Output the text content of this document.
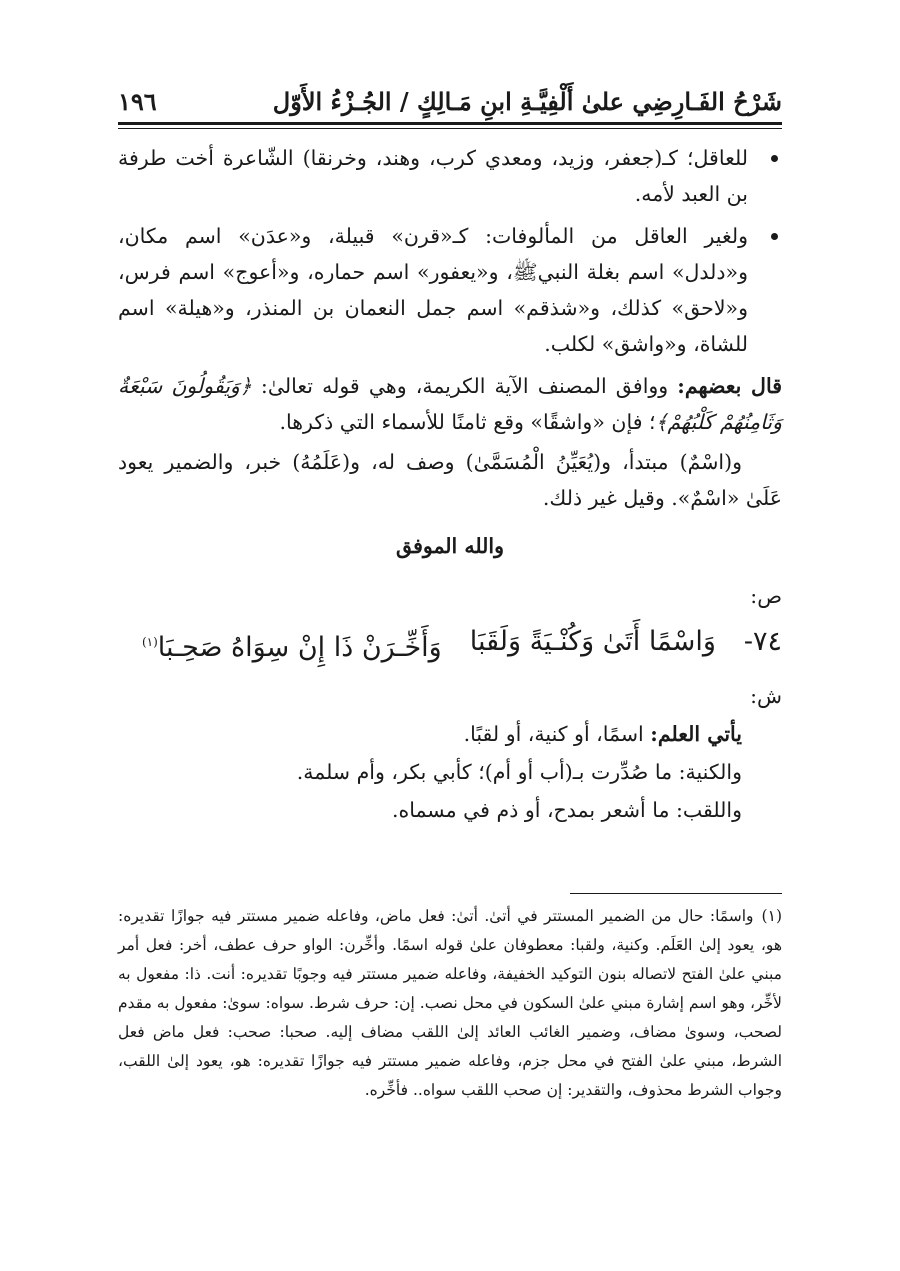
شَرْحُ الفَـارِضِي علىٰ أَلْفِيَّـةِ ابنِ مَـالِكٍ / الجُـزْءُ الأَوّل
١٩٦
للعاقل؛ كـ(جعفر، وزيد، ومعدي كرب، وهند، وخرنقا) الشّاعرة أخت طرفة بن العبد لأمه.
ولغير العاقل من المألوفات: كـ«قرن» قبيلة، و«عدَن» اسم مكان، و«دلدل» اسم بغلة النبيﷺ، و«يعفور» اسم حماره، و«أعوج» اسم فرس، و«لاحق» كذلك، و«شذقم» اسم جمل النعمان بن المنذر، و«هيلة» اسم للشاة، و«واشق» لكلب.

قال بعضهم: ووافق المصنف الآية الكريمة، وهي قوله تعالىٰ: ﴿وَيَقُولُونَ سَبْعَةٌ وَثَامِنُهُمْ كَلْبُهُمْ﴾؛ فإن «واشقًا» وقع ثامنًا للأسماء التي ذكرها.

و(اسْمٌ) مبتدأ، و(يُعَيِّنُ الْمُسَمَّىٰ) وصف له، و(عَلَمُهُ) خبر، والضمير يعود عَلَىٰ «اسْمٌ». وقيل غير ذلك.

والله الموفق
ص:
٧٤-
وَاسْمًا أَتَىٰ وَكُنْـيَةً وَلَقَبَا
وَأَخِّـرَنْ ذَا إِنْ سِوَاهُ صَحِـبَا$^{(١)}$
ش:
يأتي العلم: اسمًا، أو كنية، أو لقبًا.
والكنية: ما صُدِّرت بـ(أب أو أم)؛ كأبي بكر، وأم سلمة.
واللقب: ما أشعر بمدح، أو ذم في مسماه.
(١)واسمًا: حال من الضمير المستتر في أتىٰ. أتىٰ: فعل ماض، وفاعله ضمير مستتر فيه جوازًا تقديره: هو، يعود إلىٰ العَلَم. وكنية، ولقبا: معطوفان علىٰ قوله اسمًا. وأخِّرن: الواو حرف عطف، أخر: فعل أمر مبني علىٰ الفتح لاتصاله بنون التوكيد الخفيفة، وفاعله ضمير مستتر فيه وجوبًا تقديره: أنت. ذا: مفعول به لأخِّر، وهو اسم إشارة مبني علىٰ السكون في محل نصب. إن: حرف شرط. سواه: سوىٰ: مفعول به مقدم لصحب، وسوىٰ مضاف، وضمير الغائب العائد إلىٰ اللقب مضاف إليه. صحبا: صحب: فعل ماض فعل الشرط، مبني علىٰ الفتح في محل جزم، وفاعله ضمير مستتر فيه جوازًا تقديره: هو، يعود إلىٰ اللقب، وجواب الشرط محذوف، والتقدير: إن صحب اللقب سواه.. فأخِّره.
